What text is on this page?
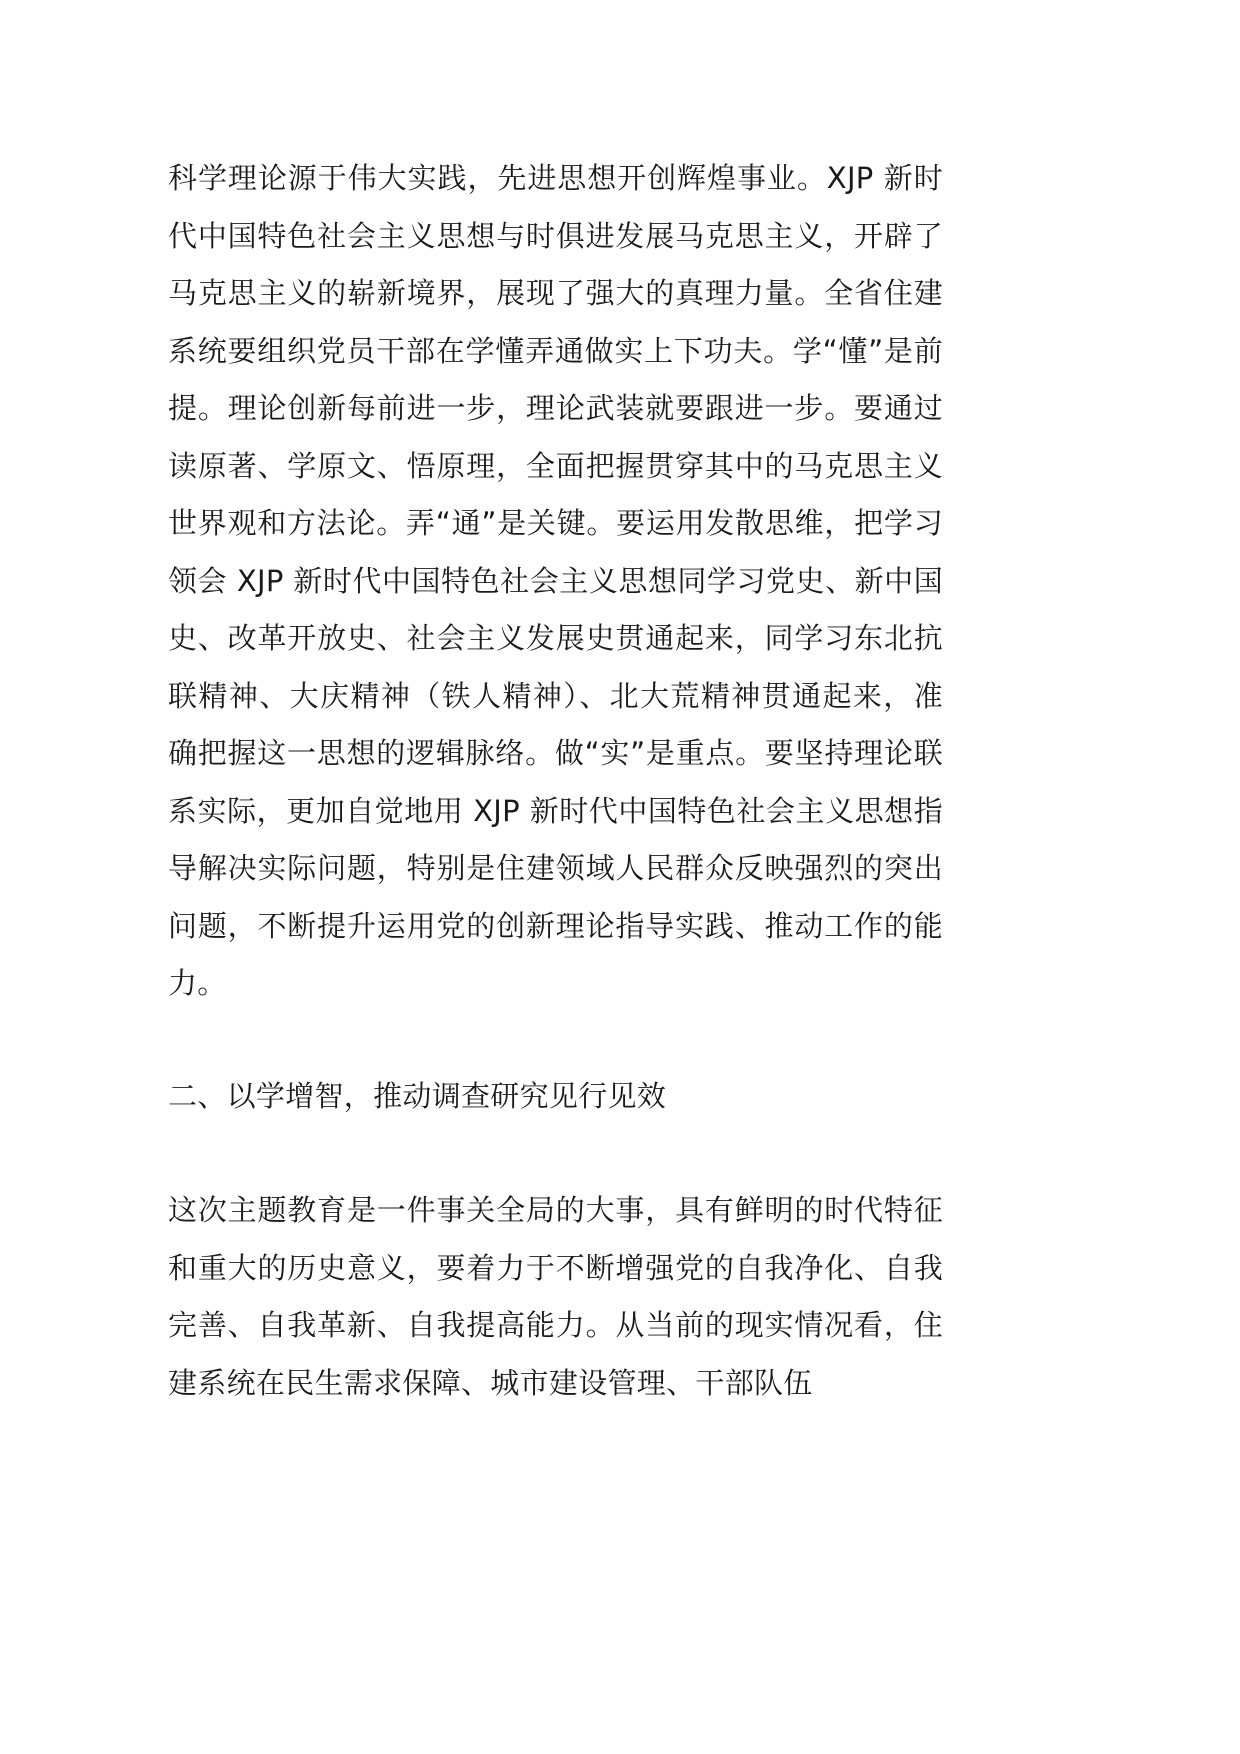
科学理论源于伟大实践，先进思想开创辉煌事业。XJP 新时代中国特色社会主义思想与时俱进发展马克思主义，开辟了马克思主义的崭新境界，展现了强大的真理力量。全省住建系统要组织党员干部在学懂弄通做实上下功夫。学“懂”是前提。理论创新每前进一步，理论武装就要跟进一步。要通过读原著、学原文、悟原理，全面把握贯穿其中的马克思主义世界观和方法论。弄“通”是关键。要运用发散思维，把学习领会 XJP 新时代中国特色社会主义思想同学习党史、新中国史、改革开放史、社会主义发展史贯通起来，同学习东北抗联精神、大庆精神（铁人精神）、北大荒精神贯通起来，准确把握这一思想的逻辑脉络。做“实”是重点。要坚持理论联系实际，更加自觉地用 XJP 新时代中国特色社会主义思想指导解决实际问题，特别是住建领域人民群众反映强烈的突出问题，不断提升运用党的创新理论指导实践、推动工作的能力。

二、以学增智，推动调查研究见行见效

这次主题教育是一件事关全局的大事，具有鲜明的时代特征和重大的历史意义，要着力于不断增强党的自我净化、自我完善、自我革新、自我提高能力。从当前的现实情况看，住建系统在民生需求保障、城市建设管理、干部队伍
